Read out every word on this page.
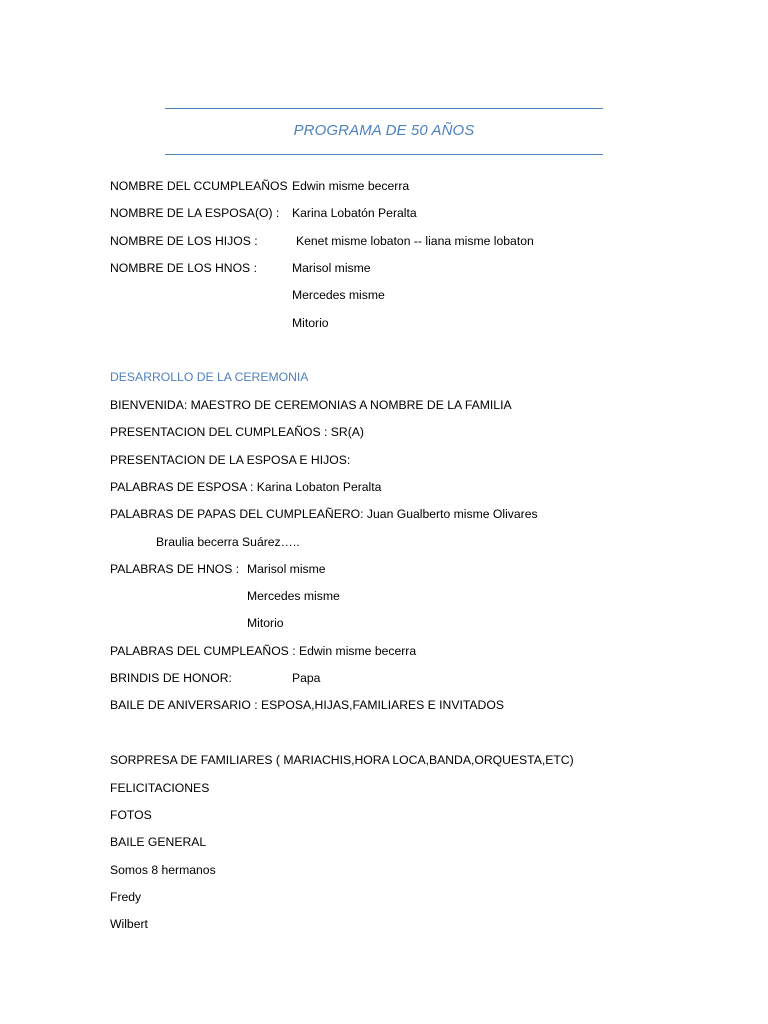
PROGRAMA DE 50 AÑOS
NOMBRE DEL CCUMPLEAÑOS Edwin misme becerra
NOMBRE DE LA ESPOSA(O) : Karina Lobatón Peralta
NOMBRE DE LOS HIJOS :	Kenet misme lobaton -- liana misme lobaton
NOMBRE DE LOS HNOS :	Marisol misme
Mercedes misme
Mitorio
DESARROLLO DE LA CEREMONIA
BIENVENIDA: MAESTRO DE CEREMONIAS A NOMBRE DE LA FAMILIA
PRESENTACION DEL CUMPLEAÑOS : SR(A)
PRESENTACION DE LA ESPOSA E HIJOS:
PALABRAS DE ESPOSA : Karina Lobaton Peralta
PALABRAS DE PAPAS DEL CUMPLEAÑERO: Juan Gualberto misme Olivares
Braulia becerra Suárez…..
PALABRAS DE HNOS : Marisol misme
Mercedes misme
Mitorio
PALABRAS DEL CUMPLEAÑOS : Edwin misme becerra
BRINDIS DE HONOR:	Papa
BAILE DE ANIVERSARIO : ESPOSA,HIJAS,FAMILIARES E INVITADOS
SORPRESA DE FAMILIARES ( MARIACHIS,HORA LOCA,BANDA,ORQUESTA,ETC)
FELICITACIONES
FOTOS
BAILE GENERAL
Somos 8 hermanos
Fredy
Wilbert
